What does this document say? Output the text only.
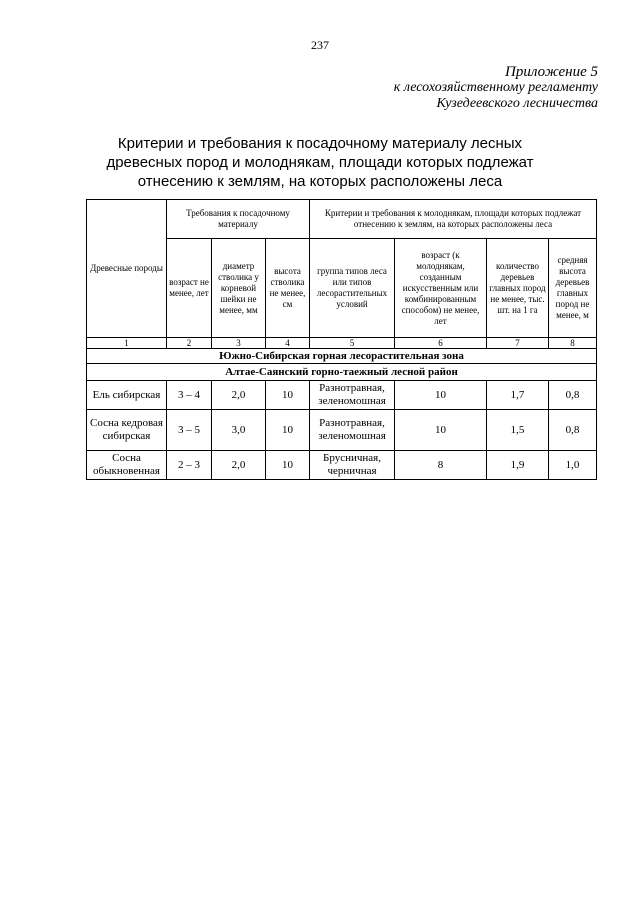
237
Приложение 5
к лесохозяйственному регламенту
Кузедеевского лесничества
Критерии и требования к посадочному материалу лесных
древесных пород и молоднякам, площади которых подлежат
отнесению к землям, на которых расположены леса
Древесные породы	Требования к посадочному материалу			Критерии и требования к молоднякам, площади которых подлежат отнесению к землям, на которых расположены леса			
	возраст не менее, лет	диаметр стволика у корневой шейки не менее, мм	высота стволика не менее, см	группа типов леса или типов лесорастительных условий	возраст (к молоднякам, созданным искусственным или комбинированным способом) не менее, лет	количество деревьев главных пород не менее, тыс. шт. на 1 га	средняя высота деревьев главных пород не менее, м
1	2	3	4	5	6	7	8
Южно-Сибирская горная лесорастительная зона							
Алтае-Саянский горно-таежный лесной район							
Ель сибирская	3 – 4	2,0	10	Разнотравная, зеленомошная	10	1,7	0,8
Сосна кедровая сибирская	3 – 5	3,0	10	Разнотравная, зеленомошная	10	1,5	0,8
Сосна обыкновенная	2 – 3	2,0	10	Брусничная, черничная	8	1,9	1,0
